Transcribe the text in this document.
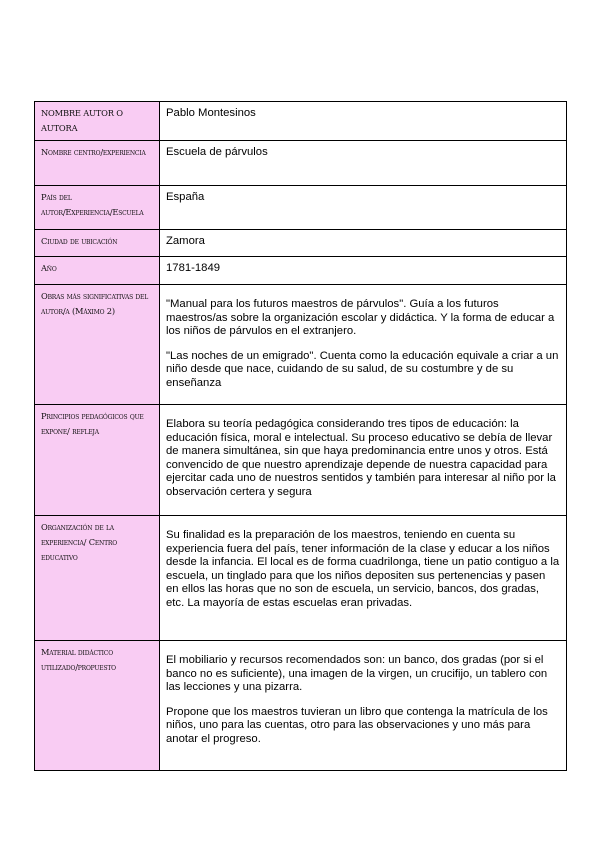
NOMBRE AUTOR O AUTORA	Pablo Montesinos
Nombre centro/experiencia	Escuela de párvulos
País del autor/Experiencia/Escuela	España
Ciudad de ubicación	Zamora
Año	1781-1849
Obras más significativas del autor/a (Máximo 2)	"Manual para los futuros maestros de párvulos". Guía a los futuros maestros/as sobre la organización escolar y didáctica. Y la forma de educar a los niños de párvulos en el extranjero.

"Las noches de un emigrado". Cuenta como la educación equivale a criar a un niño desde que nace, cuidando de su salud, de su costumbre y de su enseñanza

Principios pedagógicos que expone/ refleja	Elabora su teoría pedagógica considerando tres tipos de educación: la educación física, moral e intelectual. Su proceso educativo se debía de llevar de manera simultánea, sin que haya predominancia entre unos y otros. Está convencido de que nuestro aprendizaje depende de nuestra capacidad para ejercitar cada uno de nuestros sentidos y también para interesar al niño por la observación certera y segura

Organización de la experiencia/ Centro educativo	Su finalidad es la preparación de los maestros, teniendo en cuenta su experiencia fuera del país, tener información de la clase y educar a los niños desde la infancia. El local es de forma cuadrilonga, tiene un patio contiguo a la escuela, un tinglado para que los niños depositen sus pertenencias y pasen en ellos las horas que no son de escuela, un servicio, bancos, dos gradas, etc. La mayoría de estas escuelas eran privadas.

Material didáctico utilizado/propuesto	El mobiliario y recursos recomendados son: un banco, dos gradas (por si el banco no es suficiente), una imagen de la virgen, un crucifijo, un tablero con las lecciones y una pizarra.

Propone que los maestros tuvieran un libro que contenga la matrícula de los niños, uno para las cuentas, otro para las observaciones y uno más para anotar el progreso.
